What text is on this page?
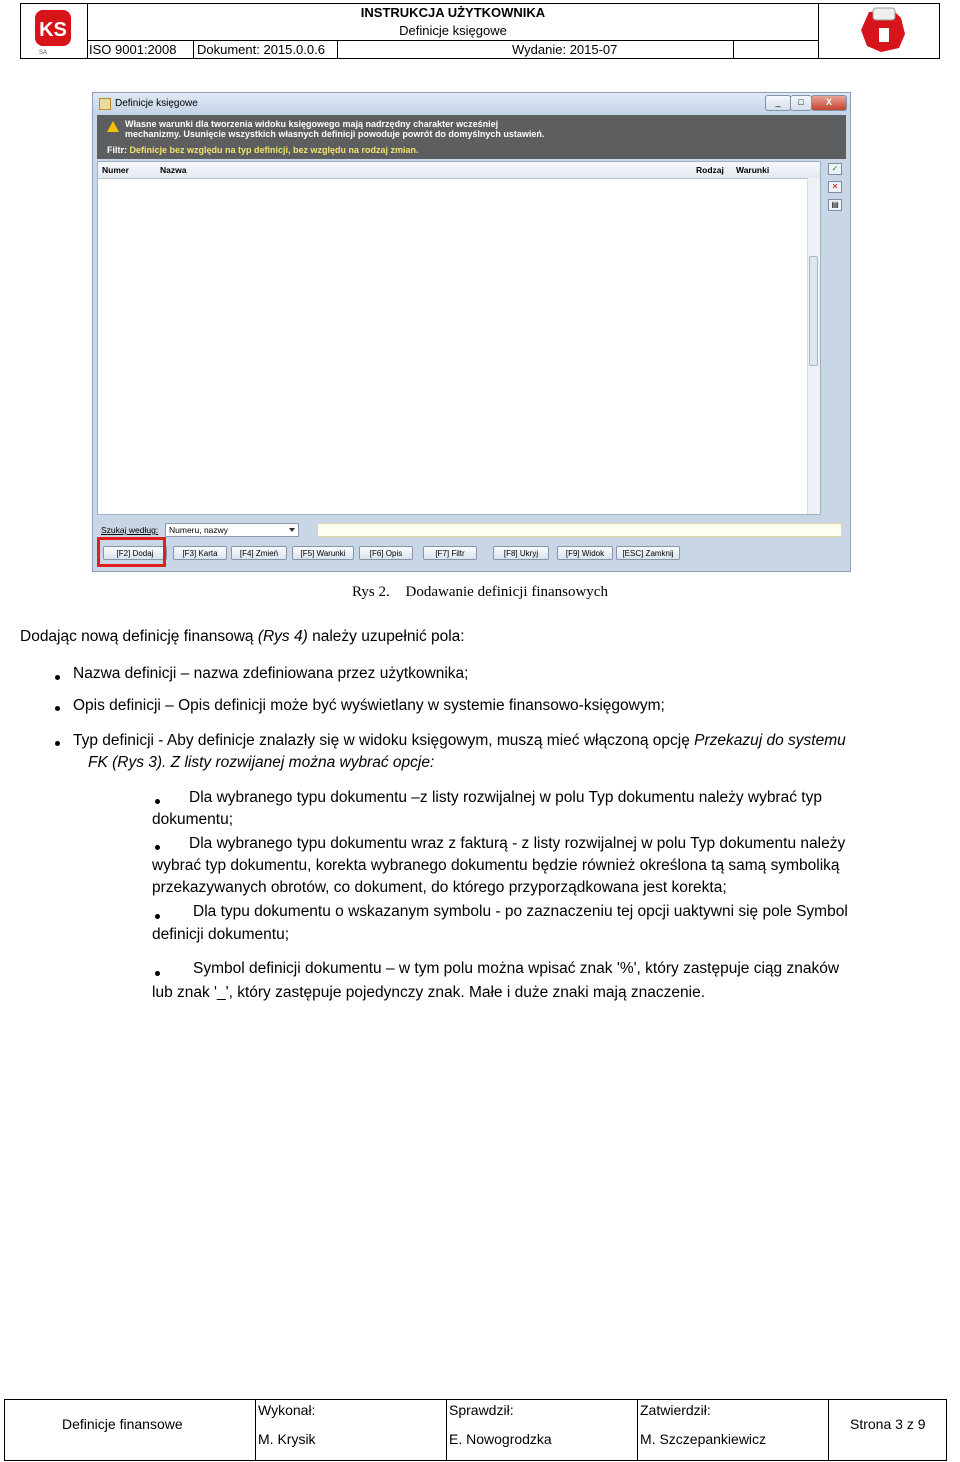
KS
SA
INSTRUKCJA UŻYTKOWNIKA
Definicje księgowe
ISO 9001:2008 Dokument: 2015.0.0.6	Wydanie: 2015-07
Definicje księgowe	_	□	X
Własne warunki dla tworzenia widoku księgowego mają nadrzędny charakter wcześniej
mechanizmy. Usunięcie wszystkich własnych definicji powoduje powrót do domyślnych ustawień.
Filtr: Definicje bez względu na typ definicji, bez względu na rodzaj zmian.
Numer	Nazwa	Rodzaj Warunki	✓
✕
▤
Szukaj według:	Numeru, nazwy
[F2] Dodaj	[F3] Karta	[F4] Zmień	[F5] Warunki	[F6] Opis	[F7] Filtr	[F8] Ukryj	[F9] Widok	[ESC] Zamknij
Rys 2. Dodawanie definicji finansowych
Dodając nową definicję finansową (Rys 4) należy uzupełnić pola:
Nazwa definicji – nazwa zdefiniowana przez użytkownika;
Opis definicji – Opis definicji może być wyświetlany w systemie finansowo-księgowym;
Typ definicji - Aby definicje znalazły się w widoku księgowym, muszą mieć włączoną opcję Przekazuj do systemu
FK (Rys 3). Z listy rozwijanej można wybrać opcje:
Dla wybranego typu dokumentu –z listy rozwijalnej w polu Typ dokumentu należy wybrać typ
dokumentu;
Dla wybranego typu dokumentu wraz z fakturą - z listy rozwijalnej w polu Typ dokumentu należy
wybrać typ dokumentu, korekta wybranego dokumentu będzie również określona tą samą symboliką
przekazywanych obrotów, co dokument, do którego przyporządkowana jest korekta;
Dla typu dokumentu o wskazanym symbolu - po zaznaczeniu tej opcji uaktywni się pole Symbol
definicji dokumentu;
Symbol definicji dokumentu – w tym polu można wpisać znak '%', który zastępuje ciąg znaków
lub znak '_', który zastępuje pojedynczy znak. Małe i duże znaki mają znaczenie.
Definicje finansowe
Wykonał:
M. Krysik
Sprawdził:
E. Nowogrodzka
Zatwierdził:
M. Szczepankiewicz
Strona 3 z 9
